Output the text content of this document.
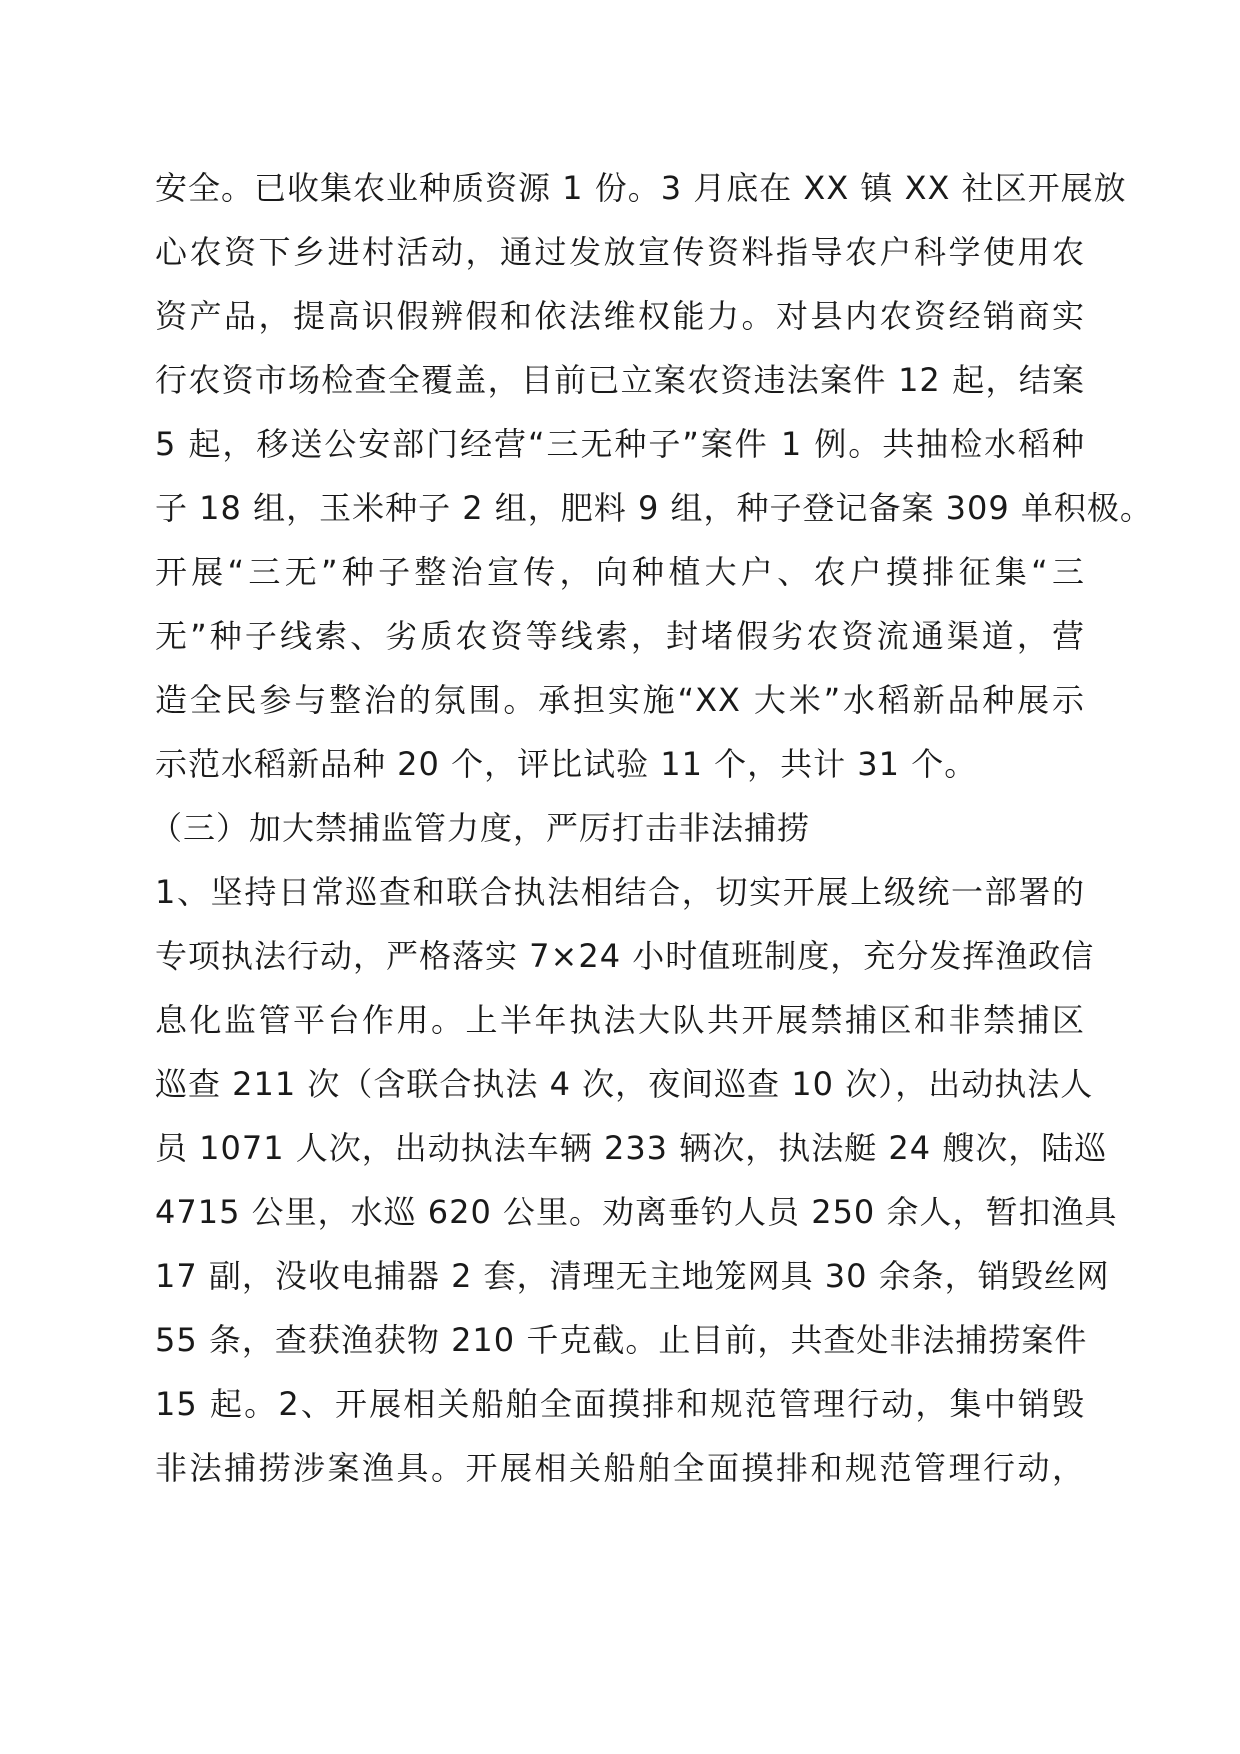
安全。已收集农业种质资源 1 份。3 月底在 XX 镇 XX 社区开展放
心农资下乡进村活动，通过发放宣传资料指导农户科学使用农
资产品，提高识假辨假和依法维权能力。对县内农资经销商实
行农资市场检查全覆盖，目前已立案农资违法案件 12 起，结案
5 起，移送公安部门经营“三无种子”案件 1 例。共抽检水稻种
子 18 组，玉米种子 2 组，肥料 9 组，种子登记备案 309 单积极。
开展“三无”种子整治宣传，向种植大户、农户摸排征集“三
无”种子线索、劣质农资等线索，封堵假劣农资流通渠道，营
造全民参与整治的氛围。承担实施“XX 大米”水稻新品种展示
示范水稻新品种 20 个，评比试验 11 个，共计 31 个。
（三）加大禁捕监管力度，严厉打击非法捕捞
1、坚持日常巡查和联合执法相结合，切实开展上级统一部署的
专项执法行动，严格落实 7×24 小时值班制度，充分发挥渔政信
息化监管平台作用。上半年执法大队共开展禁捕区和非禁捕区
巡查 211 次（含联合执法 4 次，夜间巡查 10 次），出动执法人
员 1071 人次，出动执法车辆 233 辆次，执法艇 24 艘次，陆巡
4715 公里，水巡 620 公里。劝离垂钓人员 250 余人，暂扣渔具
17 副，没收电捕器 2 套，清理无主地笼网具 30 余条，销毁丝网
55 条，查获渔获物 210 千克截。止目前，共查处非法捕捞案件
15 起。2、开展相关船舶全面摸排和规范管理行动，集中销毁
非法捕捞涉案渔具。开展相关船舶全面摸排和规范管理行动，
